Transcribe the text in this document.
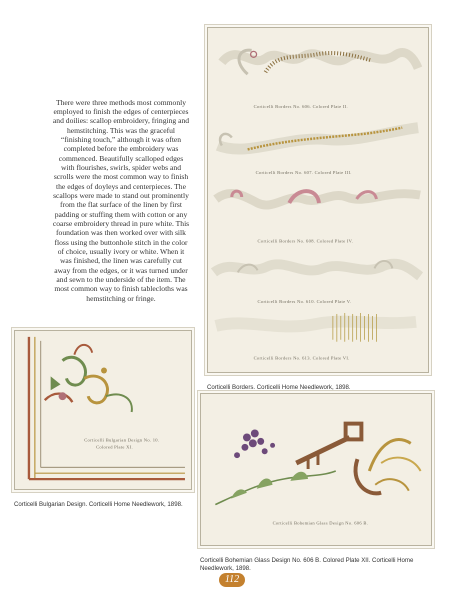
There were three methods most commonly employed to finish the edges of centerpieces and doilies: scallop embroidery, fringing and hemstitching. This was the graceful “finishing touch,” although it was often completed before the embroidery was commenced. Beautifully scalloped edges with flourishes, swirls, spider webs and scrolls were the most common way to finish the edges of doyleys and centerpieces. The scallops were made to stand out prominently from the flat surface of the linen by first padding or stuffing them with cotton or any coarse embroidery thread in pure white. This foundation was then worked over with silk floss using the buttonhole stitch in the color of choice, usually ivory or white. When it was finished, the linen was carefully cut away from the edges, or it was turned under and sewn to the underside of the item. The most common way to finish tablecloths was hemstitching or fringe.

Corticelli Borders No. 606. Colored Plate II.
Corticelli Borders No. 607. Colored Plate III.
Corticelli Borders No. 608. Colored Plate IV.
Corticelli Borders No. 610. Colored Plate V.
Corticelli Borders No. 613. Colored Plate VI.

Corticelli Borders. Corticelli Home Needlework, 1898.

Corticelli Bulgarian Design No. 10.
Colored Plate XI.

Corticelli Bulgarian Design. Corticelli Home Needlework, 1898.

Corticelli Bohemian Glass Design No. 606 B.

Corticelli Bohemian Glass Design No. 606 B. Colored Plate XII. Corticelli Home Needlework, 1898.

112
